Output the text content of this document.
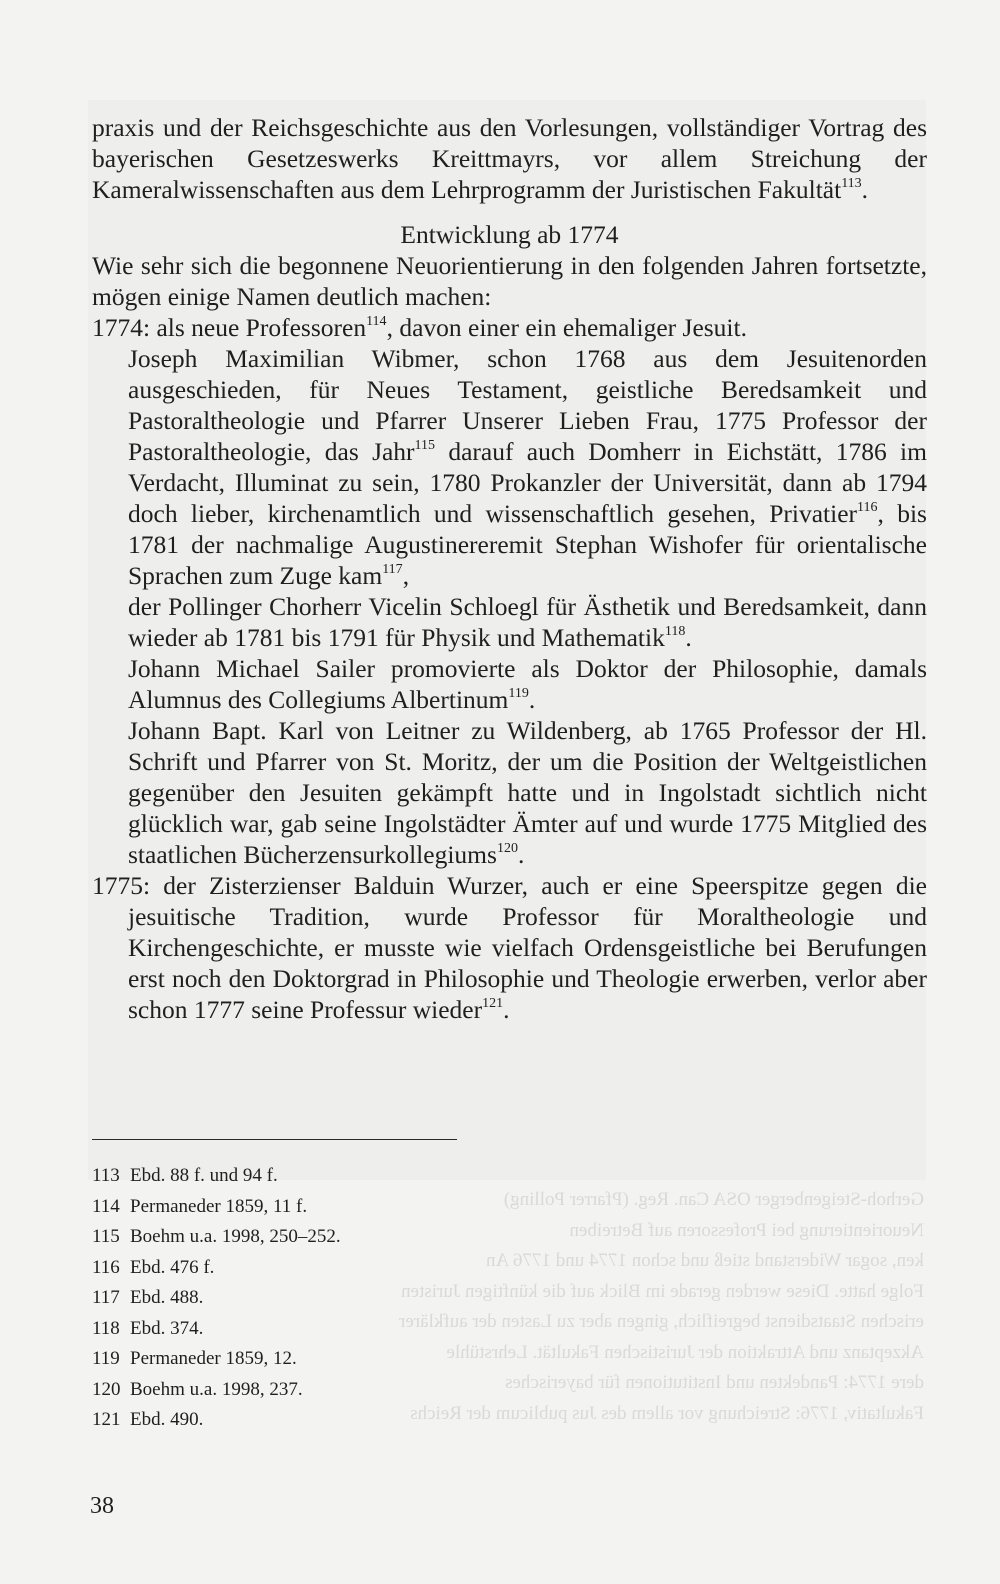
Gerhoh-Steigenberger OSA Can. Reg. (Pfarrer Polling)
Neuorientierung bei Professoren auf Betreiben
ken, sogar Widerstand stieß und schon 1774 und 1776 An
Folge hatte. Diese werden gerade im Blick auf die künftigen Juristen
erischen Staatsdienst begreiflich, gingen aber zu Lasten der aufklärer
Akzeptanz und Attraktion der Juristischen Fakultät. Lehrstühle
dere 1774: Pandekten und Institutionen für bayerisches
Fakultativ, 1776: Streichung vor allem des Jus publicum der Reichs

praxis und der Reichsgeschichte aus den Vorlesungen, vollständiger Vortrag des bayerischen Gesetzeswerks Kreittmayrs, vor allem Streichung der Kameralwissenschaften aus dem Lehrprogramm der Juristischen Fakultät$^{113}$.

Entwicklung ab 1774

Wie sehr sich die begonnene Neuorientierung in den folgenden Jahren fortsetzte, mögen einige Namen deutlich machen:

1774: als neue Professoren$^{114}$, davon einer ein ehemaliger Jesuit.

Joseph Maximilian Wibmer, schon 1768 aus dem Jesuitenorden ausgeschieden, für Neues Testament, geistliche Beredsamkeit und Pastoraltheologie und Pfarrer Unserer Lieben Frau, 1775 Professor der Pastoraltheologie, das Jahr$^{115}$ darauf auch Domherr in Eichstätt, 1786 im Verdacht, Illuminat zu sein, 1780 Prokanzler der Universität, dann ab 1794 doch lieber, kirchenamtlich und wissenschaftlich gesehen, Privatier$^{116}$, bis 1781 der nachmalige Augustinereremit Stephan Wishofer für orientalische Sprachen zum Zuge kam$^{117}$,

der Pollinger Chorherr Vicelin Schloegl für Ästhetik und Beredsamkeit, dann wieder ab 1781 bis 1791 für Physik und Mathematik$^{118}$.

Johann Michael Sailer promovierte als Doktor der Philosophie, damals Alumnus des Collegiums Albertinum$^{119}$.

Johann Bapt. Karl von Leitner zu Wildenberg, ab 1765 Professor der Hl. Schrift und Pfarrer von St. Moritz, der um die Position der Weltgeistlichen gegenüber den Jesuiten gekämpft hatte und in Ingolstadt sichtlich nicht glücklich war, gab seine Ingolstädter Ämter auf und wurde 1775 Mitglied des staatlichen Bücherzensurkollegiums$^{120}$.

1775: der Zisterzienser Balduin Wurzer, auch er eine Speerspitze gegen die jesuitische Tradition, wurde Professor für Moraltheologie und Kirchengeschichte, er musste wie vielfach Ordensgeistliche bei Berufungen erst noch den Doktorgrad in Philosophie und Theologie erwerben, verlor aber schon 1777 seine Professur wieder$^{121}$.

113 Ebd. 88 f. und 94 f.
114 Permaneder 1859, 11 f.
115 Boehm u.a. 1998, 250–252.
116 Ebd. 476 f.
117 Ebd. 488.
118 Ebd. 374.
119 Permaneder 1859, 12.
120 Boehm u.a. 1998, 237.
121 Ebd. 490.
38
